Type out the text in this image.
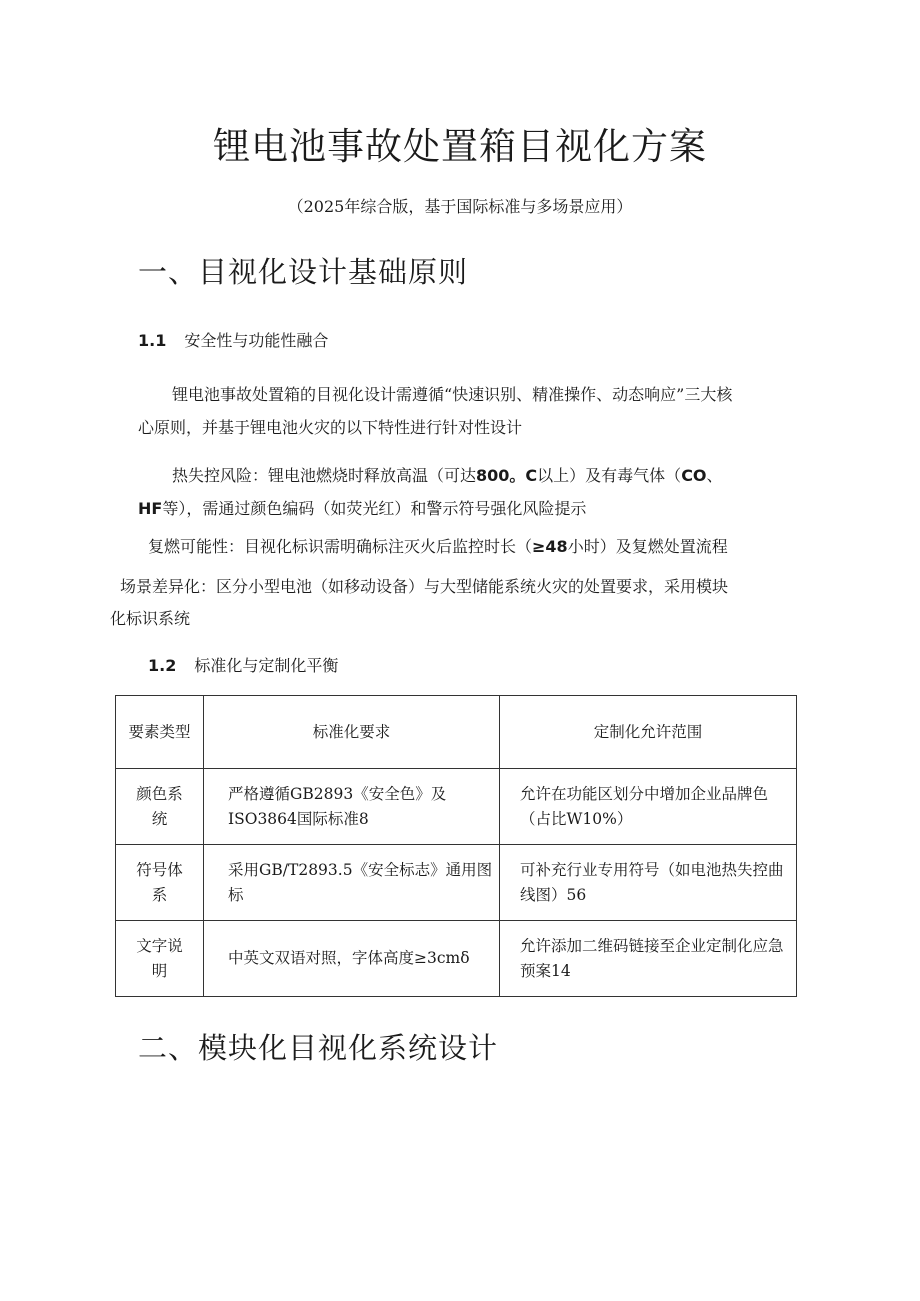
锂电池事故处置箱目视化方案
（2025年综合版，基于国际标准与多场景应用）
一、目视化设计基础原则
1.1 安全性与功能性融合
锂电池事故处置箱的目视化设计需遵循“快速识别、精准操作、动态响应”三大核
心原则，并基于锂电池火灾的以下特性进行针对性设计
热失控风险：锂电池燃烧时释放高温（可达800。C以上）及有毒气体（CO、
HF等），需通过颜色编码（如荧光红）和警示符号强化风险提示
复燃可能性：目视化标识需明确标注灭火后监控时长（≥48小时）及复燃处置流程
场景差异化：区分小型电池（如移动设备）与大型储能系统火灾的处置要求，采用模块
化标识系统
1.2 标准化与定制化平衡
要素类型	标准化要求	定制化允许范围
颜色系统	严格遵循GB2893《安全色》及ISO3864国际标准8	允许在功能区划分中增加企业品牌色（占比W10%）
符号体系	采用GB/T2893.5《安全标志》通用图标	可补充行业专用符号（如电池热失控曲线图）56
文字说明	中英文双语对照，字体高度≥3cmδ	允许添加二维码链接至企业定制化应急预案14
二、模块化目视化系统设计
